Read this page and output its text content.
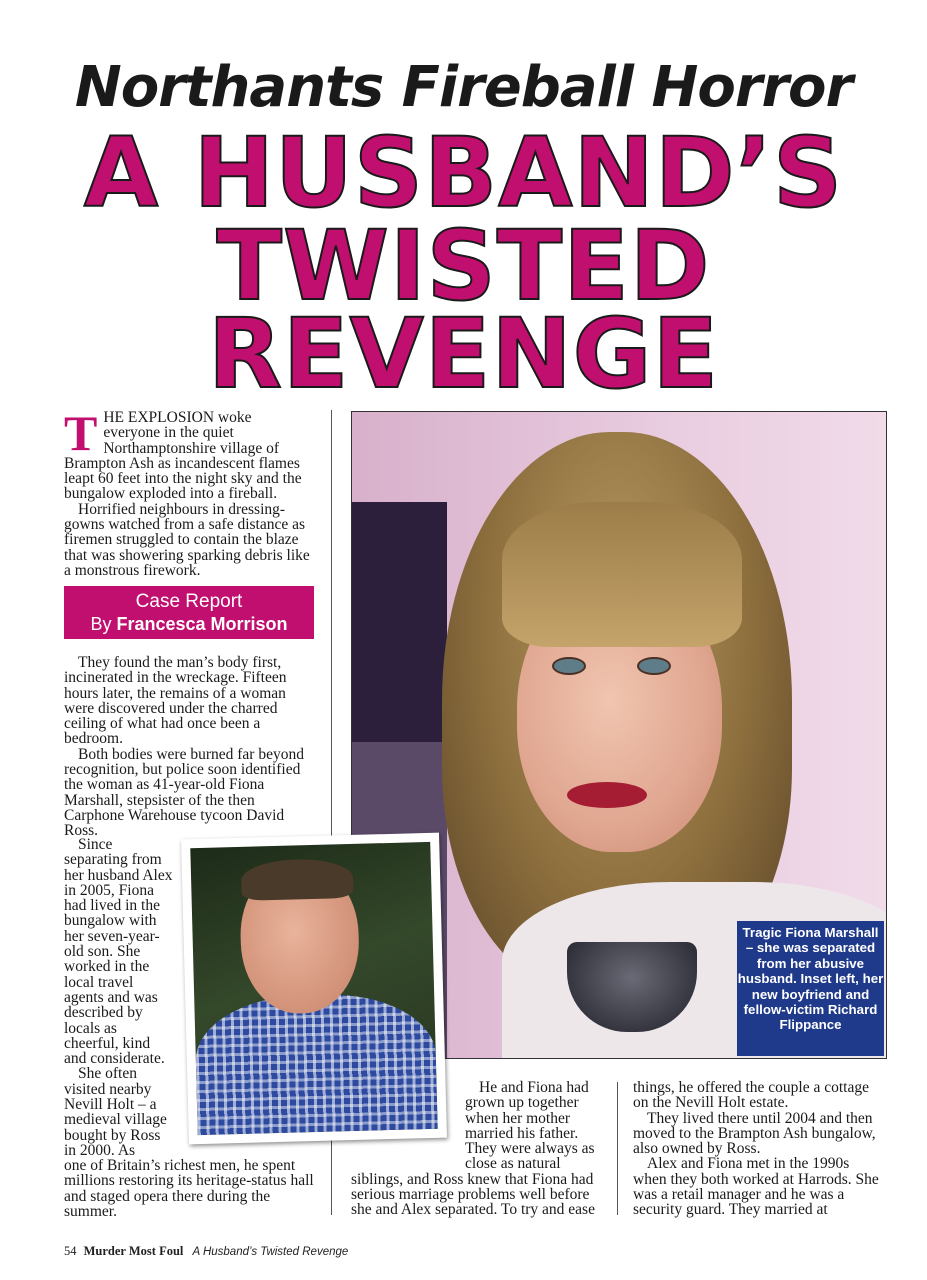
Northants Fireball Horror
A HUSBAND’S
TWISTED
REVENGE
T HE EXPLOSION woke everyone in the quiet Northamptonshire village of Brampton Ash as incandescent flames leapt 60 feet into the night sky and the bungalow exploded into a fireball.

Horrified neighbours in dressing-gowns watched from a safe distance as firemen struggled to contain the blaze that was showering sparking debris like a monstrous firework.

Case Report
By Francesca Morrison

They found the man’s body first, incinerated in the wreckage. Fifteen hours later, the remains of a woman were discovered under the charred ceiling of what had once been a bedroom.

Both bodies were burned far beyond recognition, but police soon identified the woman as 41-year-old Fiona Marshall, stepsister of the then Carphone Warehouse tycoon David Ross.

Since separating from her husband Alex in 2005, Fiona had lived in the bungalow with her seven-year-old son. She worked in the local travel agents and was described by locals as cheerful, kind and considerate.

She often visited nearby Nevill Holt – a medieval village bought by Ross in 2000. As

one of Britain’s richest men, he spent millions restoring its heritage-status hall and staged opera there during the summer.

Tragic Fiona Marshall – she was separated from her abusive husband. Inset left, her new boyfriend and fellow-victim Richard Flippance

He and Fiona had grown up together when her mother married his father. They were always as close as natural

siblings, and Ross knew that Fiona had serious marriage problems well before she and Alex separated. To try and ease

things, he offered the couple a cottage on the Nevill Holt estate.

They lived there until 2004 and then moved to the Brampton Ash bungalow, also owned by Ross.

Alex and Fiona met in the 1990s when they both worked at Harrods. She was a retail manager and he was a security guard. They married at

54 Murder Most Foul A Husband’s Twisted Revenge
